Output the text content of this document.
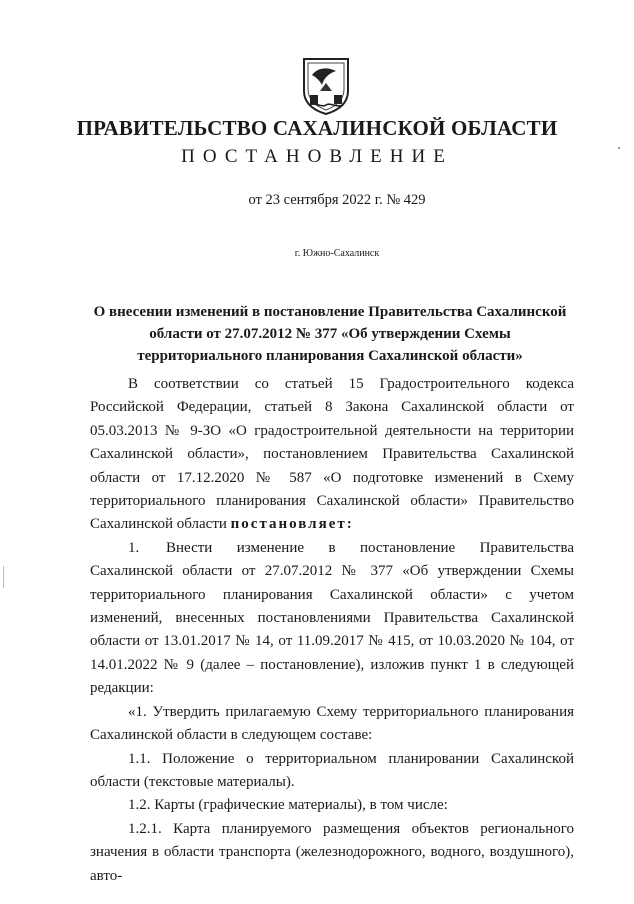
ПРАВИТЕЛЬСТВО САХАЛИНСКОЙ ОБЛАСТИ
ПОСТАНОВЛЕНИЕ
от 23 сентября 2022 г. № 429
г. Южно-Сахалинск
О внесении изменений в постановление Правительства Сахалинской области от 27.07.2012 № 377 «Об утверждении Схемы территориального планирования Сахалинской области»

В соответствии со статьей 15 Градостроительного кодекса Российской Федерации, статьей 8 Закона Сахалинской области от 05.03.2013 № 9-ЗО «О градостроительной деятельности на территории Сахалинской области», постановлением Правительства Сахалинской области от 17.12.2020 № 587 «О подготовке изменений в Схему территориального планирования Сахалинской области» Правительство Сахалинской области постановляет:

1. Внести изменение в постановление Правительства Сахалинской области от 27.07.2012 № 377 «Об утверждении Схемы территориального планирования Сахалинской области» с учетом изменений, внесенных постановлениями Правительства Сахалинской области от 13.01.2017 № 14, от 11.09.2017 № 415, от 10.03.2020 № 104, от 14.01.2022 № 9 (далее – постановление), изложив пункт 1 в следующей редакции:

«1. Утвердить прилагаемую Схему территориального планирования Сахалинской области в следующем составе:

1.1. Положение о территориальном планировании Сахалинской области (текстовые материалы).

1.2. Карты (графические материалы), в том числе:

1.2.1. Карта планируемого размещения объектов регионального значения в области транспорта (железнодорожного, водного, воздушного), авто-
